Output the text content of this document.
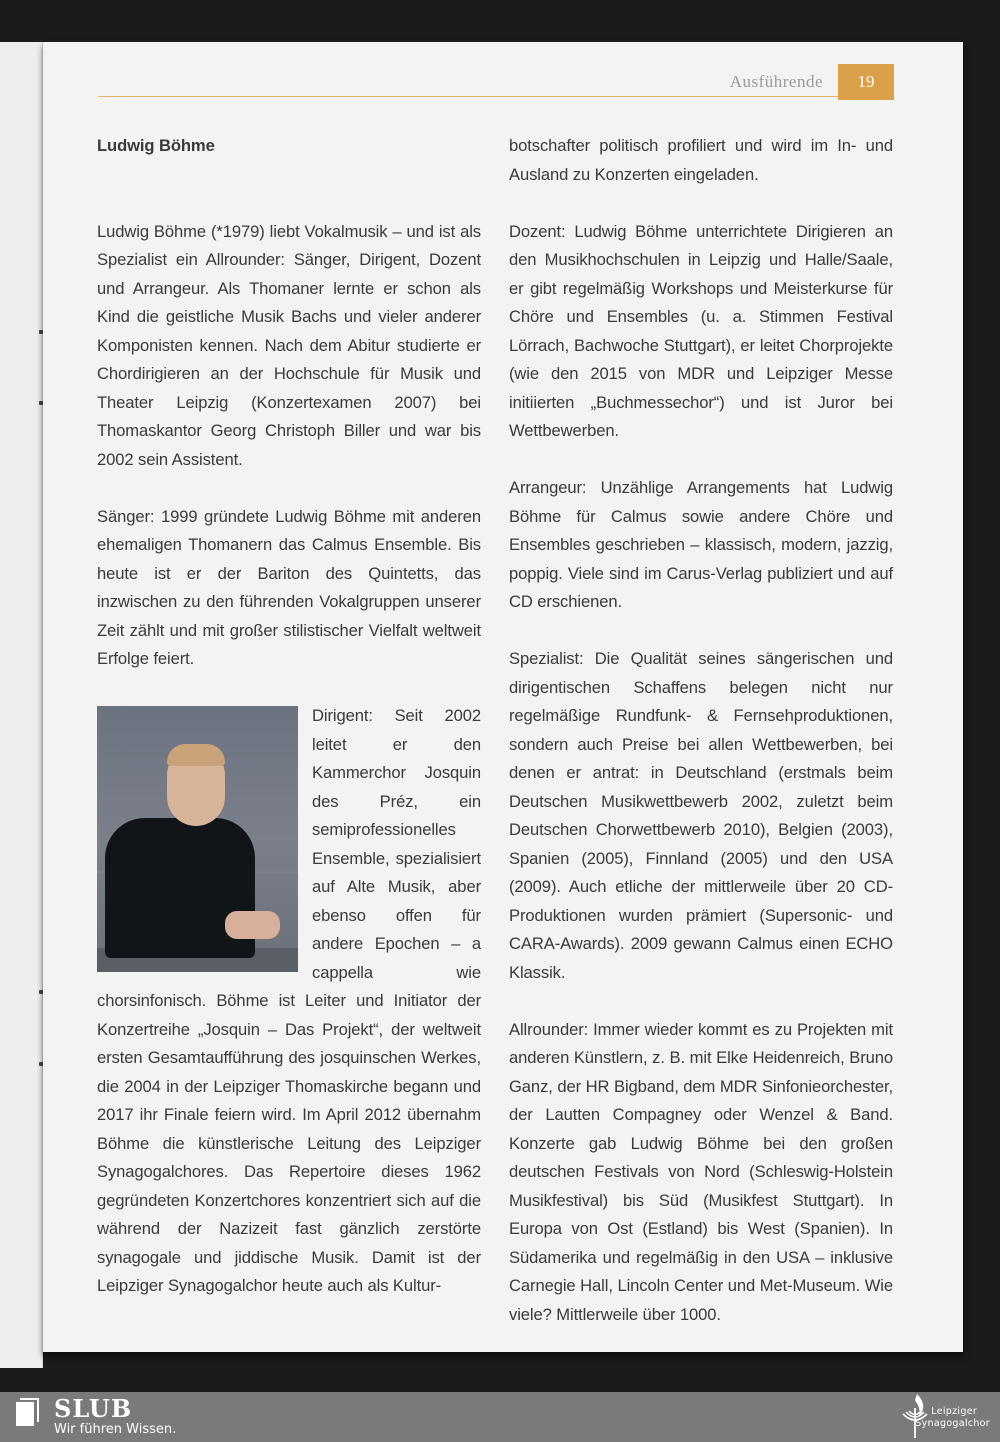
Ausführende	19
Ludwig Böhme

Ludwig Böhme (*1979) liebt Vokalmusik – und ist als Spezialist ein Allrounder: Sänger, Dirigent, Dozent und Arrangeur. Als Thomaner lernte er schon als Kind die geistliche Musik Bachs und vieler anderer Komponisten kennen. Nach dem Abitur studierte er Chordirigieren an der Hochschule für Musik und Theater Leipzig (Konzertexamen 2007) bei Thomaskantor Georg Christoph Biller und war bis 2002 sein Assistent.

Sänger: 1999 gründete Ludwig Böhme mit anderen ehemaligen Thomanern das Calmus Ensemble. Bis heute ist er der Bariton des Quintetts, das inzwischen zu den führenden Vokalgruppen unserer Zeit zählt und mit großer stilistischer Vielfalt weltweit Erfolge feiert.

Dirigent: Seit 2002 leitet er den Kammerchor Josquin des Préz, ein semiprofessionelles Ensemble, spezialisiert auf Alte Musik, aber ebenso offen für andere Epochen – a cappella wie chorsinfonisch. Böhme ist Leiter und Initiator der Konzertreihe „Josquin – Das Projekt“, der weltweit ersten Gesamtaufführung des josquinschen Werkes, die 2004 in der Leipziger Thomaskirche begann und 2017 ihr Finale feiern wird. Im April 2012 übernahm Böhme die künstlerische Leitung des Leipziger Synagogalchores. Das Repertoire dieses 1962 gegründeten Konzertchores konzentriert sich auf die während der Nazizeit fast gänzlich zerstörte synagogale und jiddische Musik. Damit ist der Leipziger Synagogalchor heute auch als Kultur-

botschafter politisch profiliert und wird im In- und Ausland zu Konzerten eingeladen.

Dozent: Ludwig Böhme unterrichtete Dirigieren an den Musikhochschulen in Leipzig und Halle/Saale, er gibt regelmäßig Workshops und Meisterkurse für Chöre und Ensembles (u. a. Stimmen Festival Lörrach, Bachwoche Stuttgart), er leitet Chorprojekte (wie den 2015 von MDR und Leipziger Messe initiierten „Buchmessechor“) und ist Juror bei Wettbewerben.

Arrangeur: Unzählige Arrangements hat Ludwig Böhme für Calmus sowie andere Chöre und Ensembles geschrieben – klassisch, modern, jazzig, poppig. Viele sind im Carus-Verlag publiziert und auf CD erschienen.

Spezialist: Die Qualität seines sängerischen und dirigentischen Schaffens belegen nicht nur regelmäßige Rundfunk- & Fernsehproduktionen, sondern auch Preise bei allen Wettbewerben, bei denen er antrat: in Deutschland (erstmals beim Deutschen Musikwettbewerb 2002, zuletzt beim Deutschen Chorwettbewerb 2010), Belgien (2003), Spanien (2005), Finnland (2005) und den USA (2009). Auch etliche der mittlerweile über 20 CD-Produktionen wurden prämiert (Supersonic- und CARA-Awards). 2009 gewann Calmus einen ECHO Klassik.

Allrounder: Immer wieder kommt es zu Projekten mit anderen Künstlern, z. B. mit Elke Heidenreich, Bruno Ganz, der HR Bigband, dem MDR Sinfonieorchester, der Lautten Compagney oder Wenzel & Band. Konzerte gab Ludwig Böhme bei den großen deutschen Festivals von Nord (Schleswig-Holstein Musikfestival) bis Süd (Musikfest Stuttgart). In Europa von Ost (Estland) bis West (Spanien). In Südamerika und regelmäßig in den USA – inklusive Carnegie Hall, Lincoln Center und Met-Museum. Wie viele? Mittlerweile über 1000.

SLUB
Wir führen Wissen.
Leipziger
Synagogalchor
